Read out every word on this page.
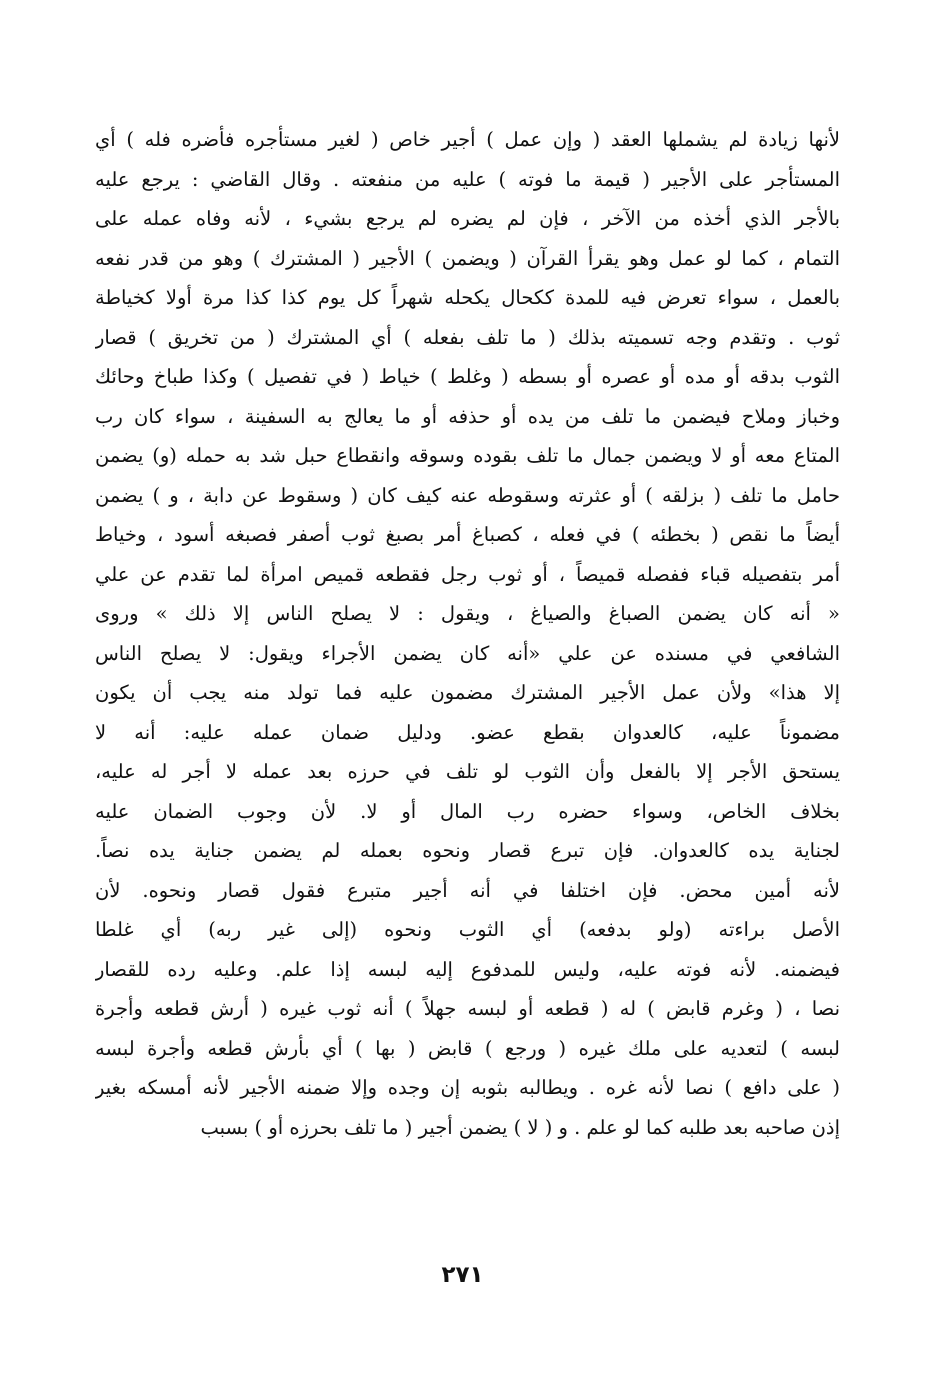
لأنها زيادة لم يشملها العقد ( وإن عمل ) أجير خاص ( لغير مستأجره فأضره فله ) أي
المستأجر على الأجير ( قيمة ما فوته ) عليه من منفعته . وقال القاضي : يرجع عليه
بالأجر الذي أخذه من الآخر ، فإن لم يضره لم يرجع بشيء ، لأنه وفاه عمله على
التمام ، كما لو عمل وهو يقرأ القرآن ( ويضمن ) الأجير ( المشترك ) وهو من قدر نفعه
بالعمل ، سواء تعرض فيه للمدة ككحال يكحله شهراً كل يوم كذا كذا مرة أولا كخياطة
ثوب . وتقدم وجه تسميته بذلك ( ما تلف بفعله ) أي المشترك ( من تخريق ) قصار
الثوب بدقه أو مده أو عصره أو بسطه ( وغلط ) خياط ( في تفصيل ) وكذا طباخ وحائك
وخباز وملاح فيضمن ما تلف من يده أو حذفه أو ما يعالج به السفينة ، سواء كان رب
المتاع معه أو لا ويضمن جمال ما تلف بقوده وسوقه وانقطاع حبل شد به حمله (و) يضمن
حامل ما تلف ( بزلقه ) أو عثرته وسقوطه عنه كيف كان ( وسقوط عن دابة ، و ) يضمن
أيضاً ما نقص ( بخطئه ) في فعله ، كصباغ أمر بصبغ ثوب أصفر فصبغه أسود ، وخياط
أمر بتفصيله قباء ففصله قميصاً ، أو ثوب رجل فقطعه قميص امرأة لما تقدم عن علي
« أنه كان يضمن الصباغ والصياغ ، ويقول : لا يصلح الناس إلا ذلك » وروى
الشافعي في مسنده عن علي «أنه كان يضمن الأجراء ويقول: لا يصلح الناس
إلا هذا» ولأن عمل الأجير المشترك مضمون عليه فما تولد منه يجب أن يكون
مضموناً عليه، كالعدوان بقطع عضو. ودليل ضمان عمله عليه: أنه لا
يستحق الأجر إلا بالفعل وأن الثوب لو تلف في حرزه بعد عمله لا أجر له عليه،
بخلاف الخاص، وسواء حضره رب المال أو لا. لأن وجوب الضمان عليه
لجناية يده كالعدوان. فإن تبرع قصار ونحوه بعمله لم يضمن جناية يده نصاً.
لأنه أمين محض. فإن اختلفا في أنه أجير متبرع فقول قصار ونحوه. لأن
الأصل براءته (ولو بدفعه) أي الثوب ونحوه (إلى غير ربه) أي غلطا
فيضمنه. لأنه فوته عليه، وليس للمدفوع إليه لبسه إذا علم. وعليه رده للقصار
نصا ، ( وغرم قابض ) له ( قطعه أو لبسه جهلاً ) أنه ثوب غيره ( أرش قطعه وأجرة
لبسه ) لتعديه على ملك غيره ( ورجع ) قابض ( بها ) أي بأرش قطعه وأجرة لبسه
( على دافع ) نصا لأنه غره . ويطالبه بثوبه إن وجده وإلا ضمنه الأجير لأنه أمسكه بغير
إذن صاحبه بعد طلبه كما لو علم . و ( لا ) يضمن أجير ( ما تلف بحرزه أو ) بسبب
٢٧١
